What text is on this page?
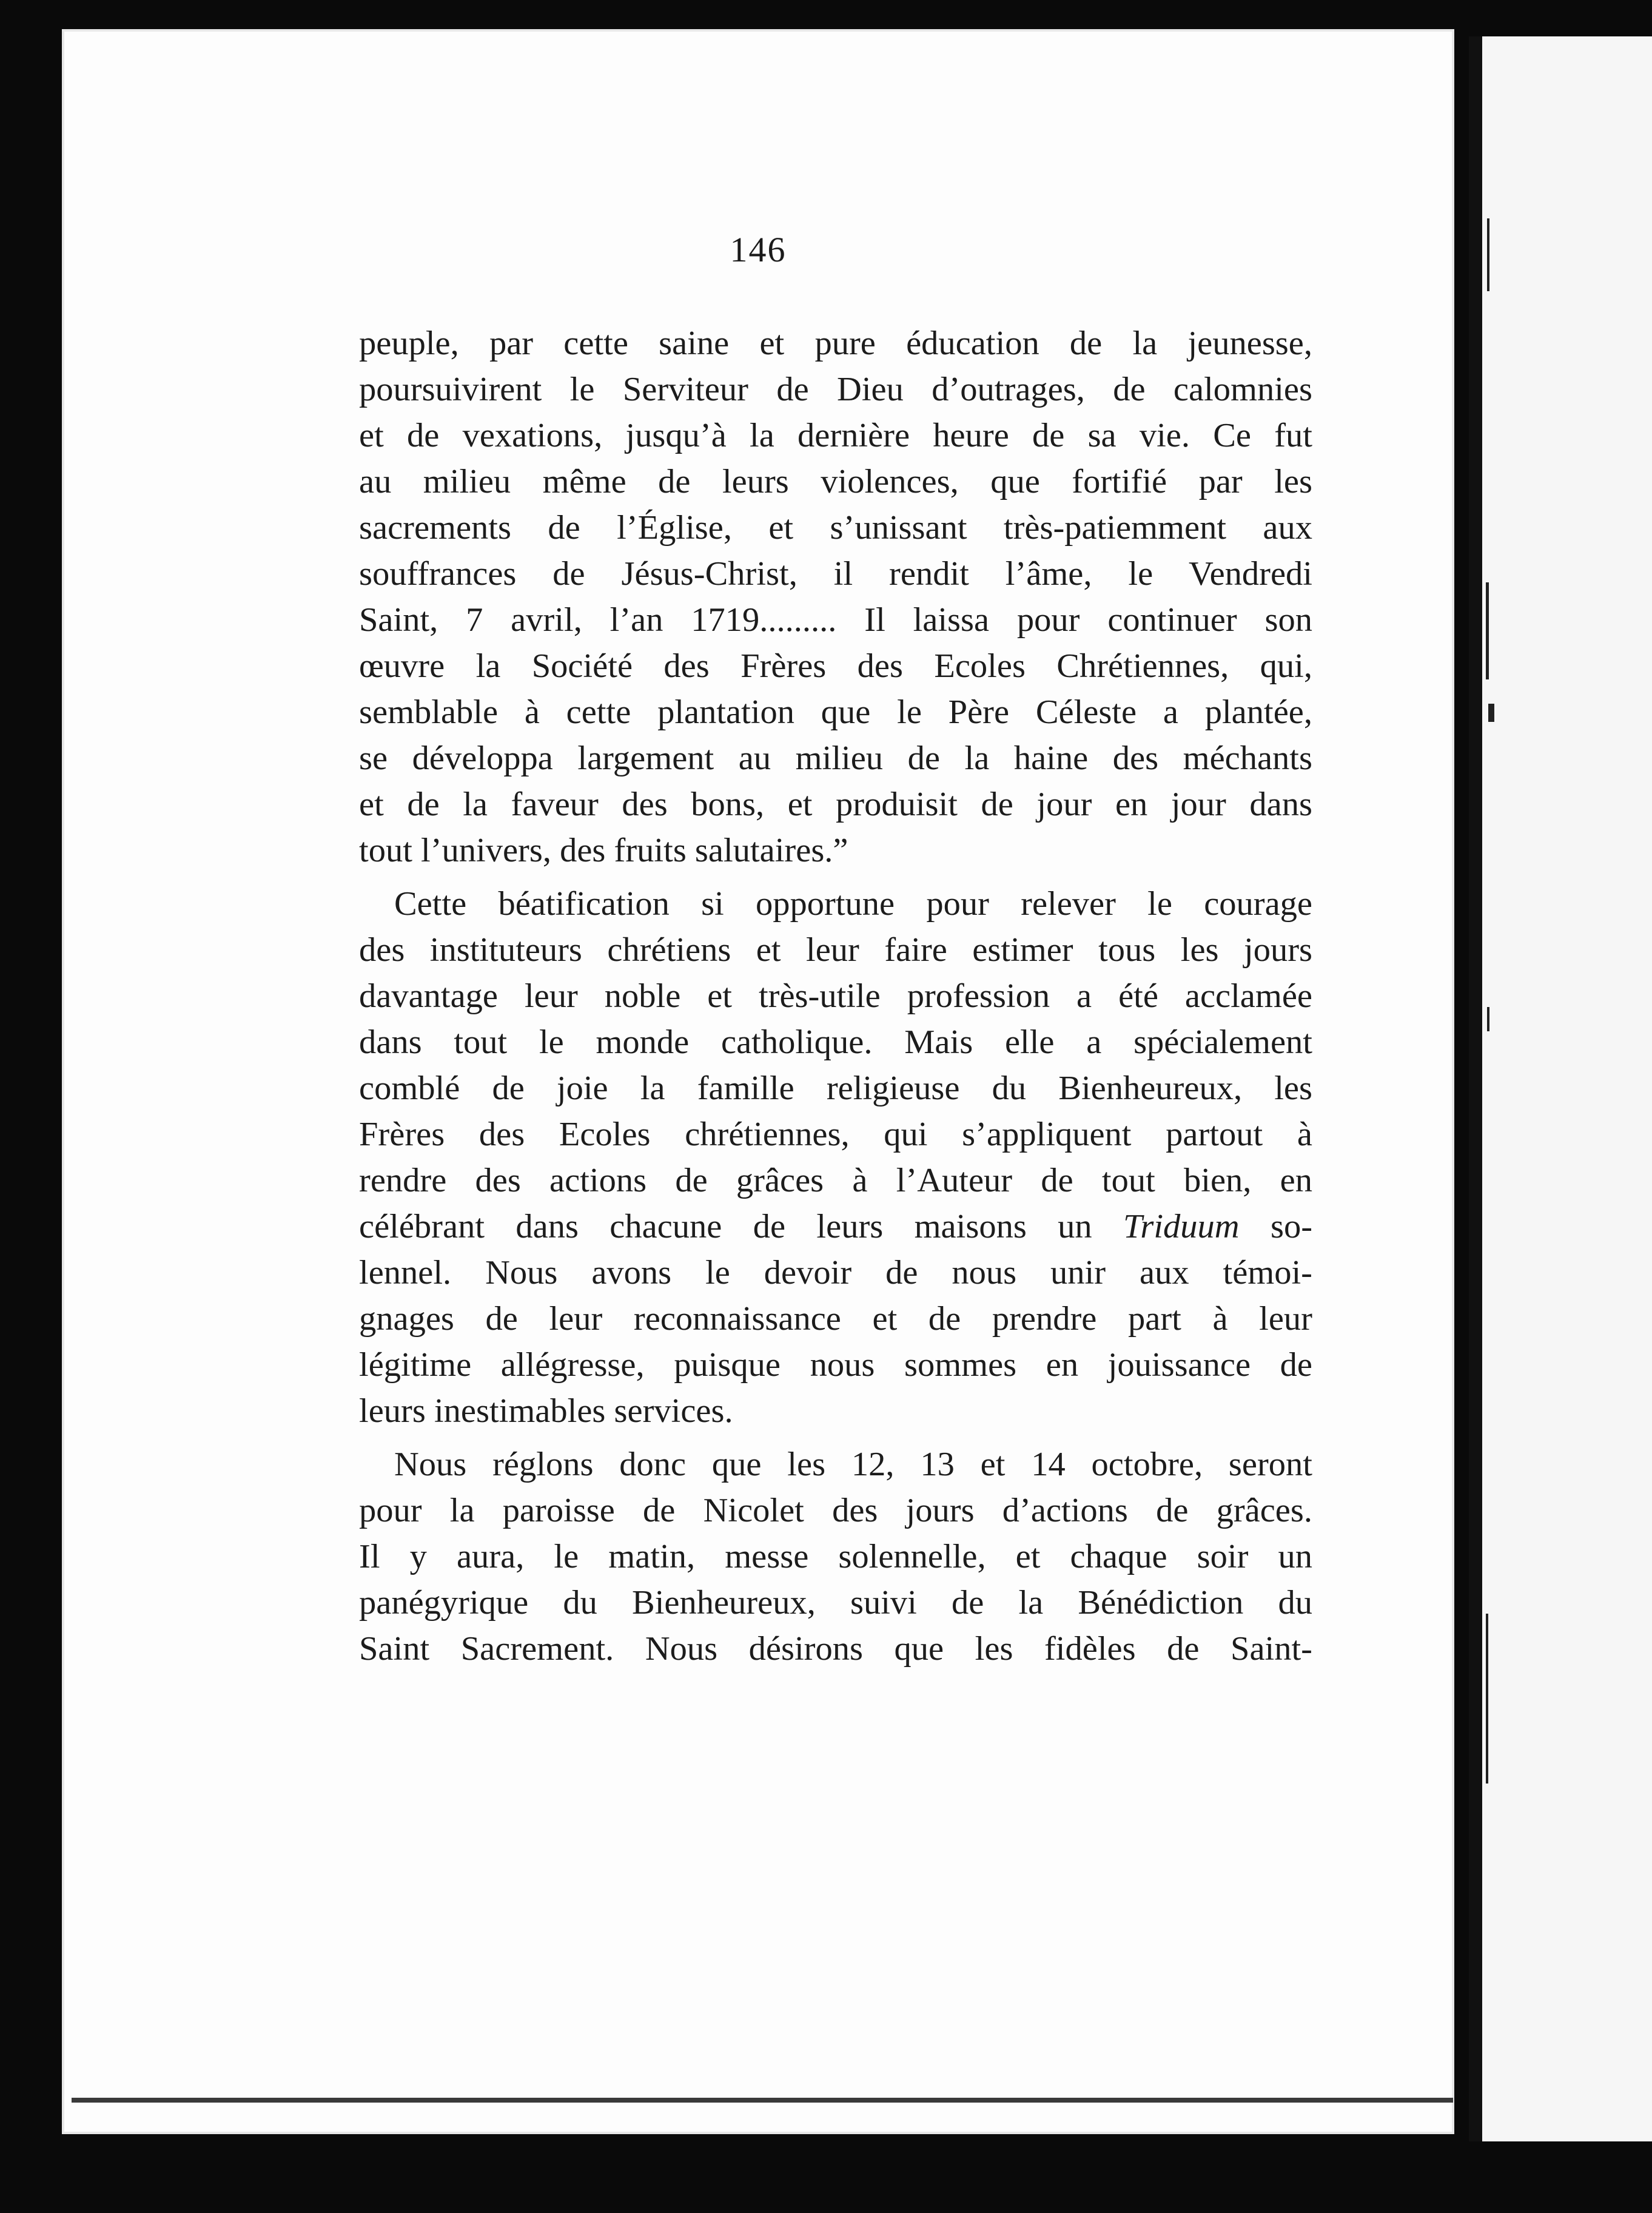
146
peuple, par cette saine et pure éducation de la jeunesse,
poursuivirent le Serviteur de Dieu d’outrages, de calomnies
et de vexations, jusqu’à la dernière heure de sa vie. Ce fut
au milieu même de leurs violences, que fortifié par les
sacrements de l’Église, et s’unissant très-patiemment aux
souffrances de Jésus-Christ, il rendit l’âme, le Vendredi
Saint, 7 avril, l’an 1719......... Il laissa pour continuer son
œuvre la Société des Frères des Ecoles Chrétiennes, qui,
semblable à cette plantation que le Père Céleste a plantée,
se développa largement au milieu de la haine des méchants
et de la faveur des bons, et produisit de jour en jour dans
tout l’univers, des fruits salutaires.”
Cette béatification si opportune pour relever le courage
des instituteurs chrétiens et leur faire estimer tous les jours
davantage leur noble et très-utile profession a été acclamée
dans tout le monde catholique. Mais elle a spécialement
comblé de joie la famille religieuse du Bienheureux, les
Frères des Ecoles chrétiennes, qui s’appliquent partout à
rendre des actions de grâces à l’Auteur de tout bien, en
célébrant dans chacune de leurs maisons un Triduum so-
lennel. Nous avons le devoir de nous unir aux témoi-
gnages de leur reconnaissance et de prendre part à leur
légitime allégresse, puisque nous sommes en jouissance de
leurs inestimables services.
Nous réglons donc que les 12, 13 et 14 octobre, seront
pour la paroisse de Nicolet des jours d’actions de grâces.
Il y aura, le matin, messe solennelle, et chaque soir un
panégyrique du Bienheureux, suivi de la Bénédiction du
Saint Sacrement. Nous désirons que les fidèles de Saint-
